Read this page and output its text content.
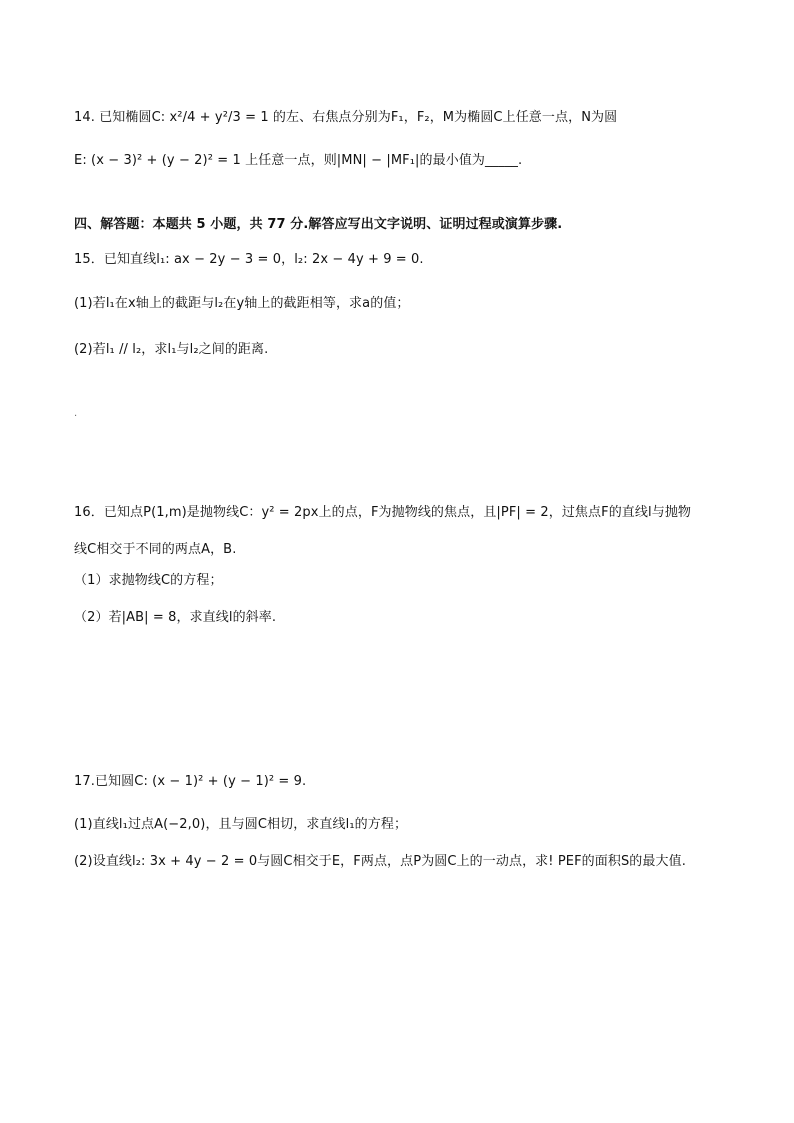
14. 已知椭圆C: x²/4 + y²/3 = 1 的左、右焦点分别为F₁，F₂，M为椭圆C上任意一点，N为圆
E: (x − 3)² + (y − 2)² = 1 上任意一点，则|MN| − |MF₁|的最小值为_____.
四、解答题：本题共 5 小题，共 77 分.解答应写出文字说明、证明过程或演算步骤.
15．已知直线l₁: ax − 2y − 3 = 0，l₂: 2x − 4y + 9 = 0.
(1)若l₁在x轴上的截距与l₂在y轴上的截距相等，求a的值；
(2)若l₁ // l₂，求l₁与l₂之间的距离.
.
16．已知点P(1,m)是抛物线C：y² = 2px上的点，F为抛物线的焦点，且|PF| = 2，过焦点F的直线l与抛物
线C相交于不同的两点A，B.
（1）求抛物线C的方程；
（2）若|AB| = 8，求直线l的斜率.
17.已知圆C: (x − 1)² + (y − 1)² = 9.
(1)直线l₁过点A(−2,0)，且与圆C相切，求直线l₁的方程；
(2)设直线l₂: 3x + 4y − 2 = 0与圆C相交于E，F两点，点P为圆C上的一动点，求! PEF的面积S的最大值.
